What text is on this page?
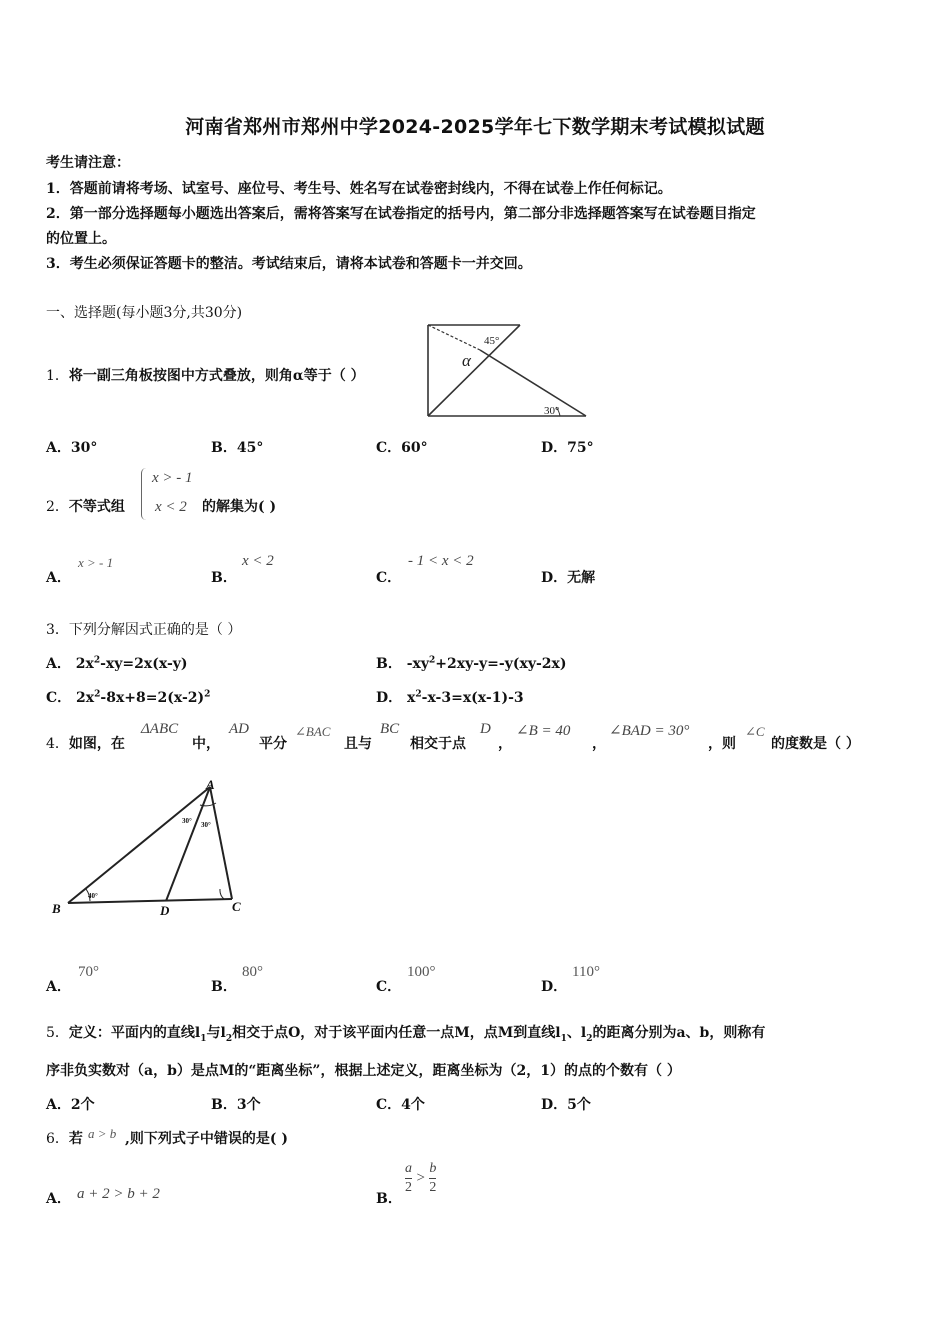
河南省郑州市郑州中学2024-2025学年七下数学期末考试模拟试题
考生请注意：
1．答题前请将考场、试室号、座位号、考生号、姓名写在试卷密封线内，不得在试卷上作任何标记。
2．第一部分选择题每小题选出答案后，需将答案写在试卷指定的括号内，第二部分非选择题答案写在试卷题目指定
的位置上。
3．考生必须保证答题卡的整洁。考试结束后，请将本试卷和答题卡一并交回。
一、选择题(每小题3分,共30分)
1．将一副三角板按图中方式叠放，则角α等于（ ）
45°
α
30°
A．30°	B．45°	C．60°	D．75°
2．不等式组
x > - 1
x < 2 的解集为( )
A．
x > - 1
B．
x < 2
C．
- 1 < x < 2
D．无解
3．下列分解因式正确的是（ ）
A． $2x^2-xy=2x(x-y)$	B． $-xy^2+2xy-y=-y(xy-2x)$
C． $2x^2-8x+8=2(x-2)^2$	D． $x^2-x-3=x(x-1)-3$
4．如图，在
ΔABC
中，
AD
平分
∠BAC
且与
BC
相交于点
D
，
∠B = 40
，
∠BAD = 30°
，则
∠C
的度数是（ ）
A
B	C
D
30° 30°
40°
A．
70°
B．
80°
C．
100°
D．
110°
5．定义：平面内的直线$l_1$与$l_2$相交于点O，对于该平面内任意一点M，点M到直线$l_1$、$l_2$的距离分别为a、b，则称有
序非负实数对（a，b）是点M的“距离坐标”，根据上述定义，距离坐标为（2，1）的点的个数有（ ）
A．2个	B．3个	C．4个	D．5个
6．若 a > b ,则下列式子中错误的是( )
A． a + 2 > b + 2	B．
$\frac{a}{2} > \frac{b}{2}$
